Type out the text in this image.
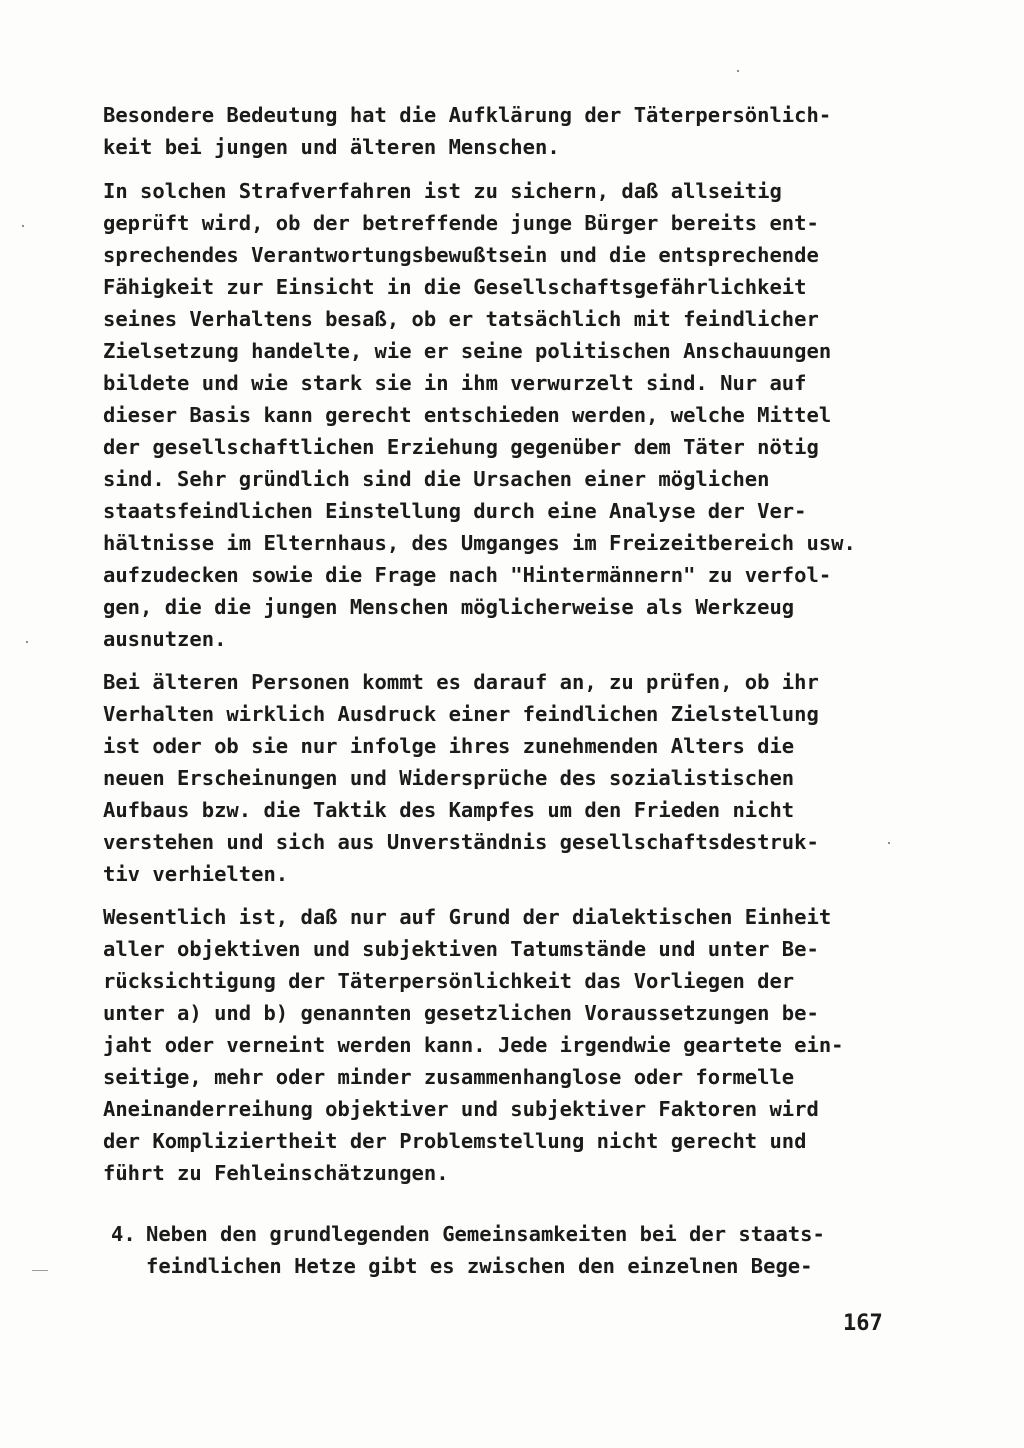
Besondere Bedeutung hat die Aufklärung der Täterpersönlich-
keit bei jungen und älteren Menschen.
In solchen Strafverfahren ist zu sichern, daß allseitig
geprüft wird, ob der betreffende junge Bürger bereits ent-
sprechendes Verantwortungsbewußtsein und die entsprechende
Fähigkeit zur Einsicht in die Gesellschaftsgefährlichkeit
seines Verhaltens besaß, ob er tatsächlich mit feindlicher
Zielsetzung handelte, wie er seine politischen Anschauungen
bildete und wie stark sie in ihm verwurzelt sind. Nur auf
dieser Basis kann gerecht entschieden werden, welche Mittel
der gesellschaftlichen Erziehung gegenüber dem Täter nötig
sind. Sehr gründlich sind die Ursachen einer möglichen
staatsfeindlichen Einstellung durch eine Analyse der Ver-
hältnisse im Elternhaus, des Umganges im Freizeitbereich usw.
aufzudecken sowie die Frage nach "Hintermännern" zu verfol-
gen, die die jungen Menschen möglicherweise als Werkzeug
ausnutzen.
Bei älteren Personen kommt es darauf an, zu prüfen, ob ihr
Verhalten wirklich Ausdruck einer feindlichen Zielstellung
ist oder ob sie nur infolge ihres zunehmenden Alters die
neuen Erscheinungen und Widersprüche des sozialistischen
Aufbaus bzw. die Taktik des Kampfes um den Frieden nicht
verstehen und sich aus Unverständnis gesellschaftsdestruk-
tiv verhielten.
Wesentlich ist, daß nur auf Grund der dialektischen Einheit
aller objektiven und subjektiven Tatumstände und unter Be-
rücksichtigung der Täterpersönlichkeit das Vorliegen der
unter a) und b) genannten gesetzlichen Voraussetzungen be-
jaht oder verneint werden kann. Jede irgendwie geartete ein-
seitige, mehr oder minder zusammenhanglose oder formelle
Aneinanderreihung objektiver und subjektiver Faktoren wird
der Kompliziertheit der Problemstellung nicht gerecht und
führt zu Fehleinschätzungen.
4. Neben den grundlegenden Gemeinsamkeiten bei der staats-
feindlichen Hetze gibt es zwischen den einzelnen Bege-
167
